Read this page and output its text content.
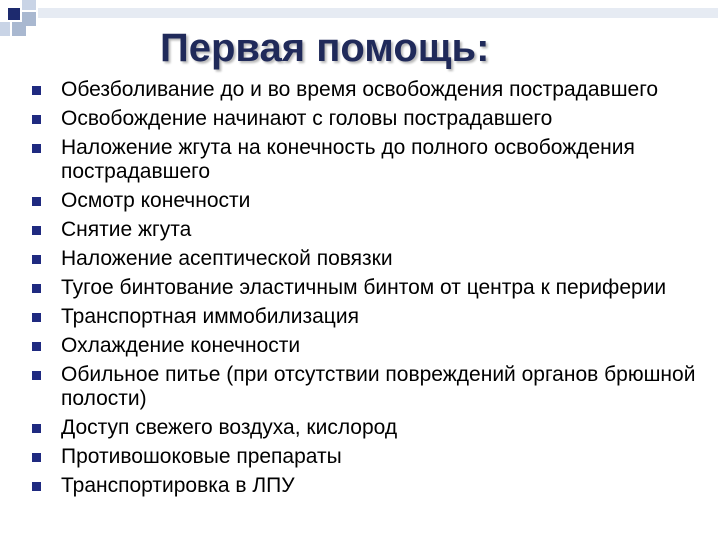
Первая помощь:
Обезболивание до и во время освобождения пострадавшего
Освобождение начинают с головы пострадавшего
Наложение жгута на конечность до полного освобождения пострадавшего
Осмотр конечности
Снятие жгута
Наложение асептической повязки
Тугое бинтование эластичным бинтом от центра к периферии
Транспортная иммобилизация
Охлаждение конечности
Обильное питье (при отсутствии повреждений органов брюшной полости)
Доступ свежего воздуха, кислород
Противошоковые препараты
Транспортировка в ЛПУ
